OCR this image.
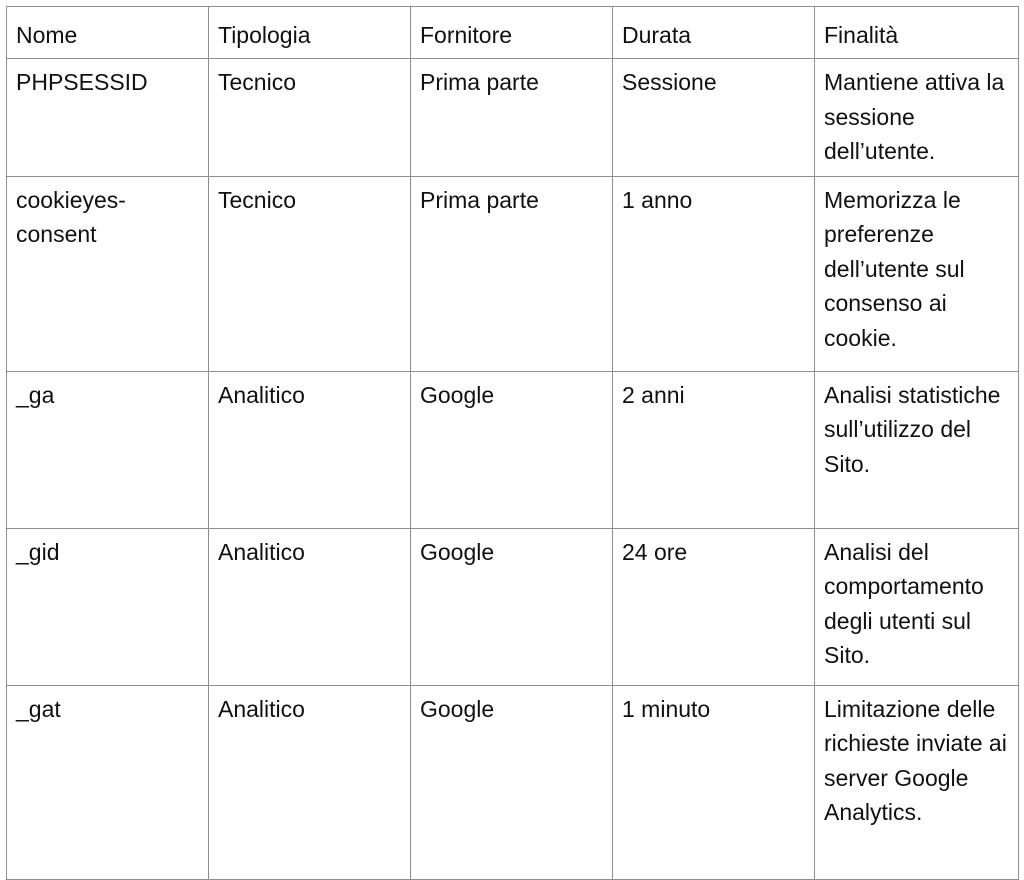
Nome	Tipologia	Fornitore	Durata	Finalità
PHPSESSID	Tecnico	Prima parte	Sessione	Mantiene attiva la sessione dell’utente.
cookieyes-consent	Tecnico	Prima parte	1 anno	Memorizza le preferenze dell’utente sul consenso ai cookie.
_ga	Analitico	Google	2 anni	Analisi statistiche sull’utilizzo del Sito.
_gid	Analitico	Google	24 ore	Analisi del comportamento degli utenti sul Sito.
_gat	Analitico	Google	1 minuto	Limitazione delle richieste inviate ai server Google Analytics.
